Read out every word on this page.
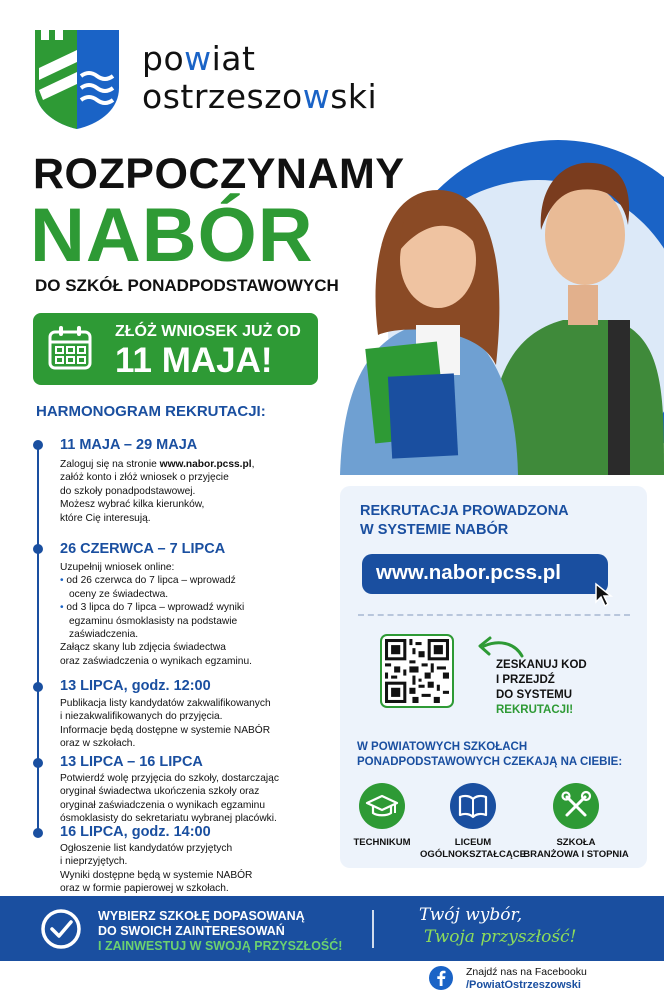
powiat
ostrzeszowski
ROZPOCZYNAMY
NABÓR
DO SZKÓŁ PONADPODSTAWOWYCH
ZŁÓŻ WNIOSEK JUŻ OD
11 MAJA!
HARMONOGRAM REKRUTACJI:
11 MAJA – 29 MAJA
Zaloguj się na stronie www.nabor.pcss.pl,
załóż konto i złóż wniosek o przyjęcie
do szkoły ponadpodstawowej.
Możesz wybrać kilka kierunków,
które Cię interesują.
26 CZERWCA – 7 LIPCA
Uzupełnij wniosek online:
• od 26 czerwca do 7 lipca – wprowadź
oceny ze świadectwa.
• od 3 lipca do 7 lipca – wprowadź wyniki
egzaminu ósmoklasisty na podstawie
zaświadczenia.
Załącz skany lub zdjęcia świadectwa
oraz zaświadczenia o wynikach egzaminu.
13 LIPCA, godz. 12:00
Publikacja listy kandydatów zakwalifikowanych
i niezakwalifikowanych do przyjęcia.
Informacje będą dostępne w systemie NABÓR
oraz w szkołach.
13 LIPCA – 16 LIPCA
Potwierdź wolę przyjęcia do szkoły, dostarczając
oryginał świadectwa ukończenia szkoły oraz
oryginał zaświadczenia o wynikach egzaminu
ósmoklasisty do sekretariatu wybranej placówki.
16 LIPCA, godz. 14:00
Ogłoszenie list kandydatów przyjętych
i nieprzyjętych.
Wyniki dostępne będą w systemie NABÓR
oraz w formie papierowej w szkołach.
REKRUTACJA PROWADZONA
W SYSTEMIE NABÓR
www.nabor.pcss.pl
ZESKANUJ KOD
I PRZEJDŹ
DO SYSTEMU
REKRUTACJI!
W POWIATOWYCH SZKOŁACH
PONADPODSTAWOWYCH CZEKAJĄ NA CIEBIE:
TECHNIKUM	LICEUM
OGÓLNOKSZTAŁCĄCE
SZKOŁA
BRANŻOWA I STOPNIA
WYBIERZ SZKOŁĘ DOPASOWANĄ
DO SWOICH ZAINTERESOWAŃ
I ZAINWESTUJ W SWOJĄ PRZYSZŁOŚĆ!
Twój wybór,
Twoja przyszłość!
Znajdź nas na Facebooku
/PowiatOstrzeszowski
